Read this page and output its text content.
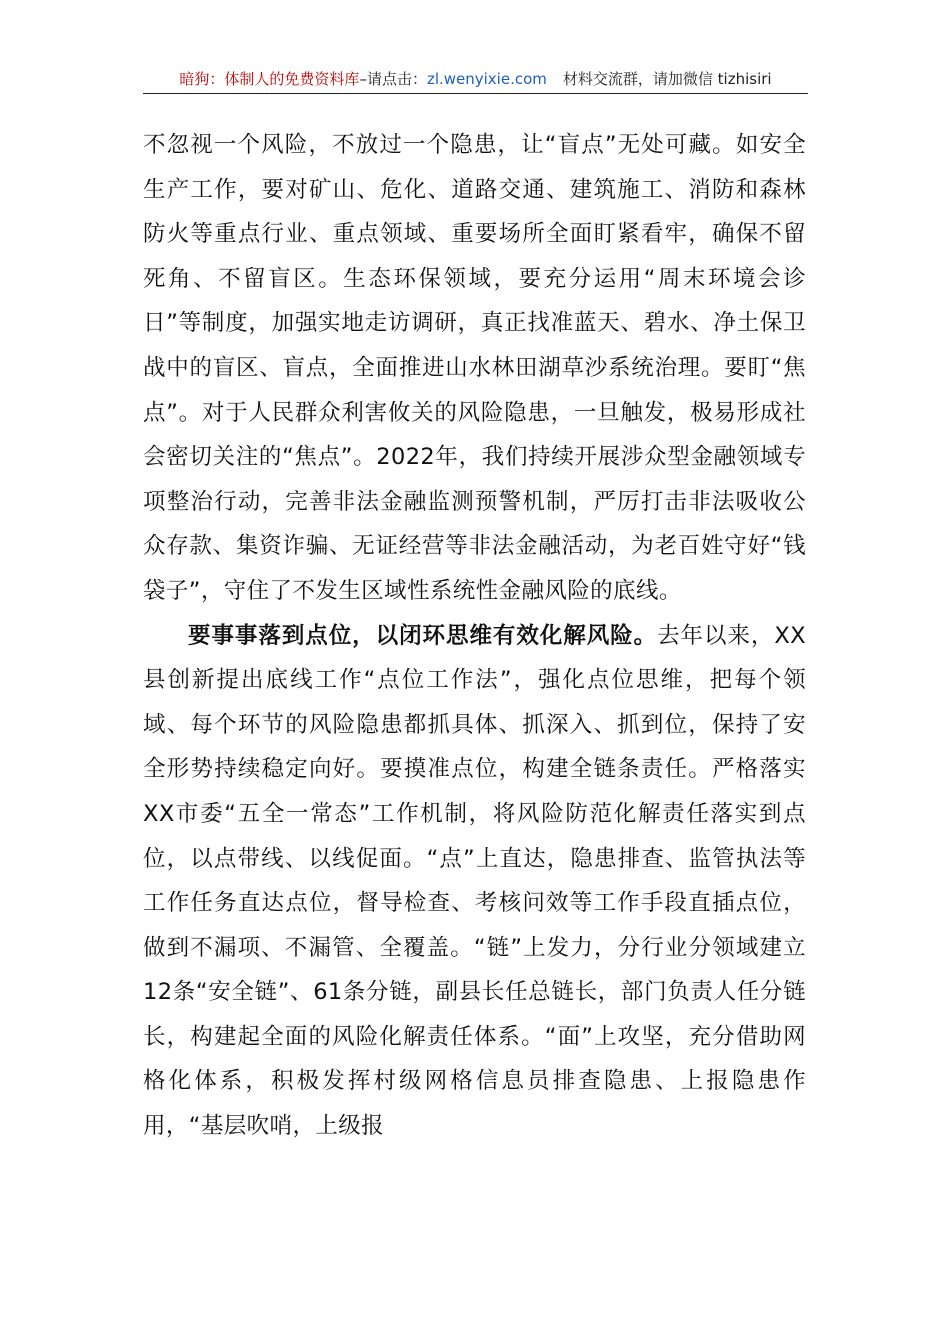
暗狗：体制人的免费资料库 –请点击： zl.wenyixie.com 材料交流群，请加微信 tizhisiri

不忽视一个风险，不放过一个隐患，让“盲点”无处可藏。如安全生产工作，要对矿山、危化、道路交通、建筑施工、消防和森林防火等重点行业、重点领域、重要场所全面盯紧看牢，确保不留死角、不留盲区。生态环保领域，要充分运用“周末环境会诊日”等制度，加强实地走访调研，真正找准蓝天、碧水、净土保卫战中的盲区、盲点，全面推进山水林田湖草沙系统治理。要盯“焦点”。对于人民群众利害攸关的风险隐患，一旦触发，极易形成社会密切关注的“焦点”。2022年，我们持续开展涉众型金融领域专项整治行动，完善非法金融监测预警机制，严厉打击非法吸收公众存款、集资诈骗、无证经营等非法金融活动，为老百姓守好“钱袋子”，守住了不发生区域性系统性金融风险的底线。

要事事落到点位，以闭环思维有效化解风险。去年以来，XX县创新提出底线工作“点位工作法”，强化点位思维，把每个领域、每个环节的风险隐患都抓具体、抓深入、抓到位，保持了安全形势持续稳定向好。要摸准点位，构建全链条责任。严格落实XX市委“五全一常态”工作机制，将风险防范化解责任落实到点位，以点带线、以线促面。“点”上直达，隐患排查、监管执法等工作任务直达点位，督导检查、考核问效等工作手段直插点位，做到不漏项、不漏管、全覆盖。“链”上发力，分行业分领域建立12条“安全链”、61条分链，副县长任总链长，部门负责人任分链长，构建起全面的风险化解责任体系。“面”上攻坚，充分借助网格化体系，积极发挥村级网格信息员排查隐患、上报隐患作用，“基层吹哨，上级报
